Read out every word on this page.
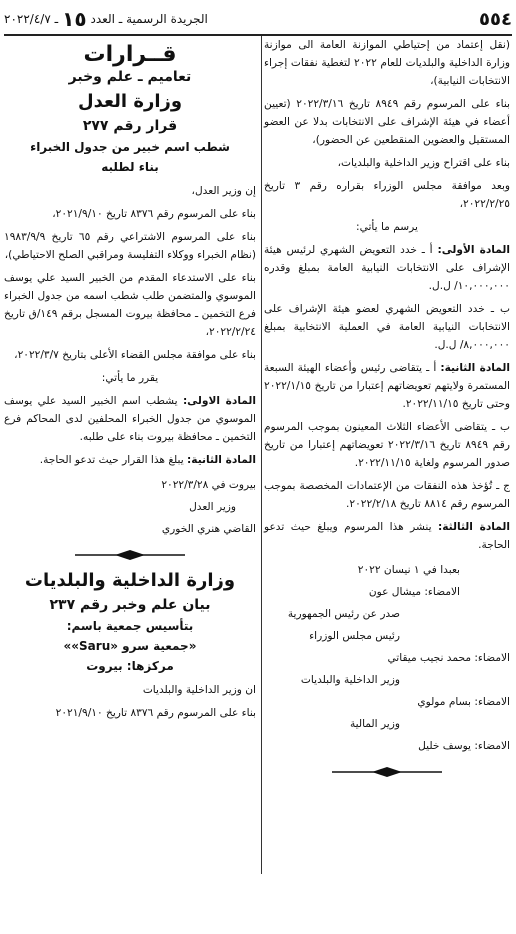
٥٥٤
الجريدة الرسمية ـ العدد
١٥
ـ ٢٠٢٢/٤/٧

(نقل إعتماد من إحتياطي الموازنة العامة الى موازنة وزارة الداخلية والبلديات للعام ٢٠٢٢ لتغطية نفقات إجراء الانتخابات النيابية)،

بناء على المرسوم رقم ٨٩٤٩ تاريخ ٢٠٢٢/٣/١٦ (تعيين أعضاء في هيئة الإشراف على الانتخابات بدلا عن العضو المستقيل والعضوين المنقطعين عن الحضور)،

بناء على اقتراح وزير الداخلية والبلديات،

وبعد موافقة مجلس الوزراء بقراره رقم ٣ تاريخ ٢٠٢٢/٢/٢٥،

يرسم ما يأتي:

المادة الأولى: أ ـ خدد التعويض الشهري لرئيس هيئة الإشراف على الانتخابات النيابية العامة بمبلغ وقدره ١٠,٠٠٠,٠٠٠/ ل.ل.

ب ـ خدد التعويض الشهري لعضو هيئة الإشراف على الانتخابات النيابية العامة في العملية الانتخابية بمبلغ ٨,٠٠٠,٠٠٠/ ل.ل.

المادة الثانية: أ ـ يتقاضى رئيس وأعضاء الهيئة السبعة المستمرة ولايتهم تعويضاتهم إعتبارا من تاريخ ٢٠٢٢/١/١٥ وحتى تاريخ ٢٠٢٢/١١/١٥.

ب ـ يتقاضى الأعضاء الثلاث المعينون بموجب المرسوم رقم ٨٩٤٩ تاريخ ٢٠٢٢/٣/١٦ تعويضاتهم إعتبارا من تاريخ صدور المرسوم ولغاية ٢٠٢٢/١١/١٥.

ج ـ تُؤخذ هذه النفقات من الإعتمادات المخصصة بموجب المرسوم رقم ٨٨١٤ تاريخ ٢٠٢٢/٢/١٨.

المادة الثالثة: ينشر هذا المرسوم ويبلغ حيث تدعو الحاجة.

بعبدا في ١ نيسان ٢٠٢٢
الامضاء: ميشال عون
صدر عن رئيس الجمهورية
رئيس مجلس الوزراء
الامضاء: محمد نجيب ميقاتي
وزير الداخلية والبلديات
الامضاء: بسام مولوي
وزير المالية
الامضاء: يوسف خليل
قــرارات
تعاميم ـ علم وخبر
وزارة العدل
قرار رقم ٢٧٧
شطب اسم خبير من جدول الخبراء
بناء لطلبه

إن وزير العدل،

بناء على المرسوم رقم ٨٣٧٦ تاريخ ٢٠٢١/٩/١٠،

بناء على المرسوم الاشتراعي رقم ٦٥ تاريخ ١٩٨٣/٩/٩ (نظام الخبراء ووكلاء التفليسة ومراقبي الصلح الاحتياطي)،

بناء على الاستدعاء المقدم من الخبير السيد علي يوسف الموسوي والمتضمن طلب شطب اسمه من جدول الخبراء فرع التخمين ـ محافظة بيروت المسجل برقم ١٤٩/ق تاريخ ٢٠٢٢/٢/٢٤،

بناء على موافقة مجلس القضاء الأعلى بتاريخ ٢٠٢٢/٣/٧،

يقرر ما يأتي:

المادة الاولى: يشطب اسم الخبير السيد علي يوسف الموسوي من جدول الخبراء المحلفين لدى المحاكم فرع التخمين ـ محافظة بيروت بناء على طلبه.

المادة الثانية: يبلغ هذا القرار حيث تدعو الحاجة.

بيروت في ٢٠٢٢/٣/٢٨
وزير العدل
القاضي هنري الخوري
وزارة الداخلية والبلديات
بيان علم وخبر رقم ٢٣٧
بتأسيس جمعية باسم:
«جمعية سرو «Saru»»
مركزها: بيروت

ان وزير الداخلية والبلديات

بناء على المرسوم رقم ٨٣٧٦ تاريخ ٢٠٢١/٩/١٠
